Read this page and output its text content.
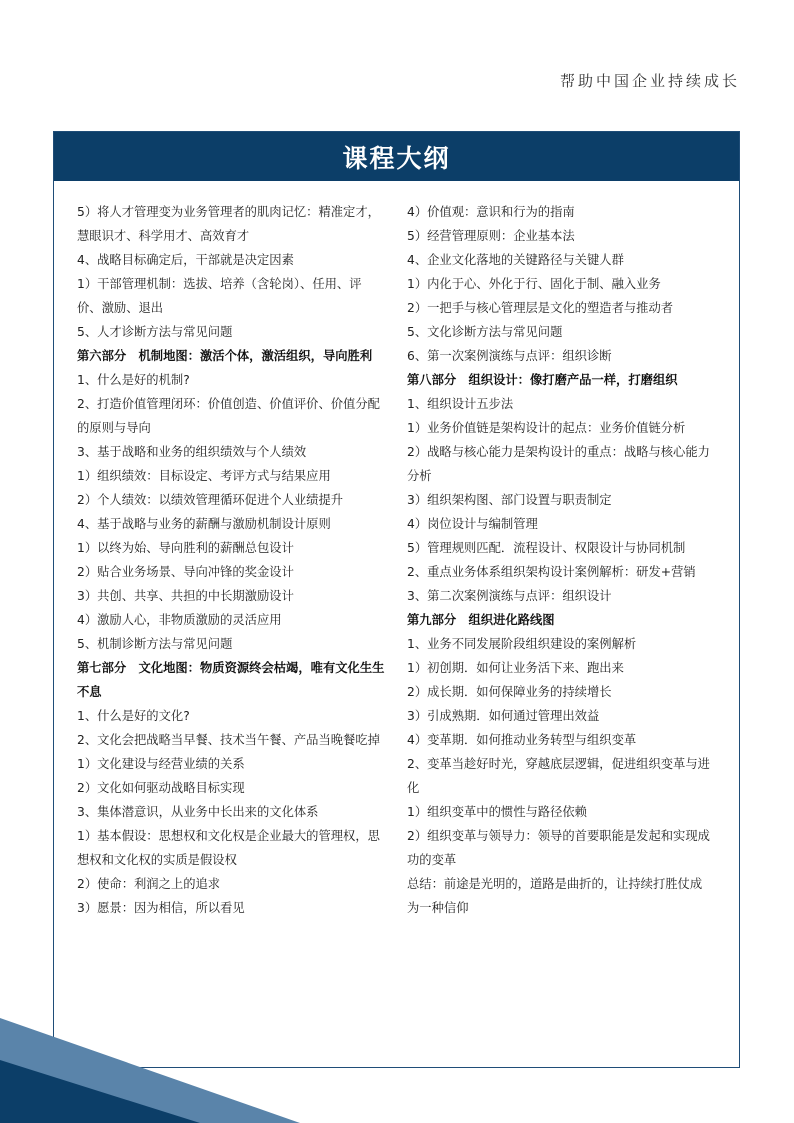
帮助中国企业持续成长
课程大纲
5）将人才管理变为业务管理者的肌肉记忆：精准定才，慧眼识才、科学用才、高效育才
4、战略目标确定后，干部就是决定因素
1）干部管理机制：选拔、培养（含轮岗）、任用、评价、激励、退出
5、人才诊断方法与常见问题
第六部分　机制地图：激活个体，激活组织，导向胜利
1、什么是好的机制?
2、打造价值管理闭环：价值创造、价值评价、价值分配的原则与导向
3、基于战略和业务的组织绩效与个人绩效
1）组织绩效：目标设定、考评方式与结果应用
2）个人绩效：以绩效管理循环促进个人业绩提升
4、基于战略与业务的薪酬与激励机制设计原则
1）以终为始、导向胜利的薪酬总包设计
2）贴合业务场景、导向冲锋的奖金设计
3）共创、共享、共担的中长期激励设计
4）激励人心，非物质激励的灵活应用
5、机制诊断方法与常见问题
第七部分　文化地图：物质资源终会枯竭，唯有文化生生不息
1、什么是好的文化?
2、文化会把战略当早餐、技术当午餐、产品当晚餐吃掉
1）文化建设与经营业绩的关系
2）文化如何驱动战略目标实现
3、集体潜意识，从业务中长出来的文化体系
1）基本假设：思想权和文化权是企业最大的管理权，思想权和文化权的实质是假设权
2）使命：利润之上的追求
3）愿景：因为相信，所以看见
4）价值观：意识和行为的指南
5）经营管理原则：企业基本法
4、企业文化落地的关键路径与关键人群
1）内化于心、外化于行、固化于制、融入业务
2）一把手与核心管理层是文化的塑造者与推动者
5、文化诊断方法与常见问题
6、第一次案例演练与点评：组织诊断
第八部分　组织设计：像打磨产品一样，打磨组织
1、组织设计五步法
1）业务价值链是架构设计的起点：业务价值链分析
2）战略与核心能力是架构设计的重点：战略与核心能力分析
3）组织架构图、部门设置与职责制定
4）岗位设计与编制管理
5）管理规则匹配．流程设计、权限设计与协同机制
2、重点业务体系组织架构设计案例解析：研发+营销
3、第二次案例演练与点评：组织设计
第九部分　组织进化路线图
1、业务不同发展阶段组织建设的案例解析
1）初创期．如何让业务活下来、跑出来
2）成长期．如何保障业务的持续增长
3）引成熟期．如何通过管理出效益
4）变革期．如何推动业务转型与组织变革
2、变革当趁好时光，穿越底层逻辑，促进组织变革与进化
1）组织变革中的惯性与路径依赖
2）组织变革与领导力：领导的首要职能是发起和实现成功的变革
总结：前途是光明的，道路是曲折的，让持续打胜仗成为一种信仰
